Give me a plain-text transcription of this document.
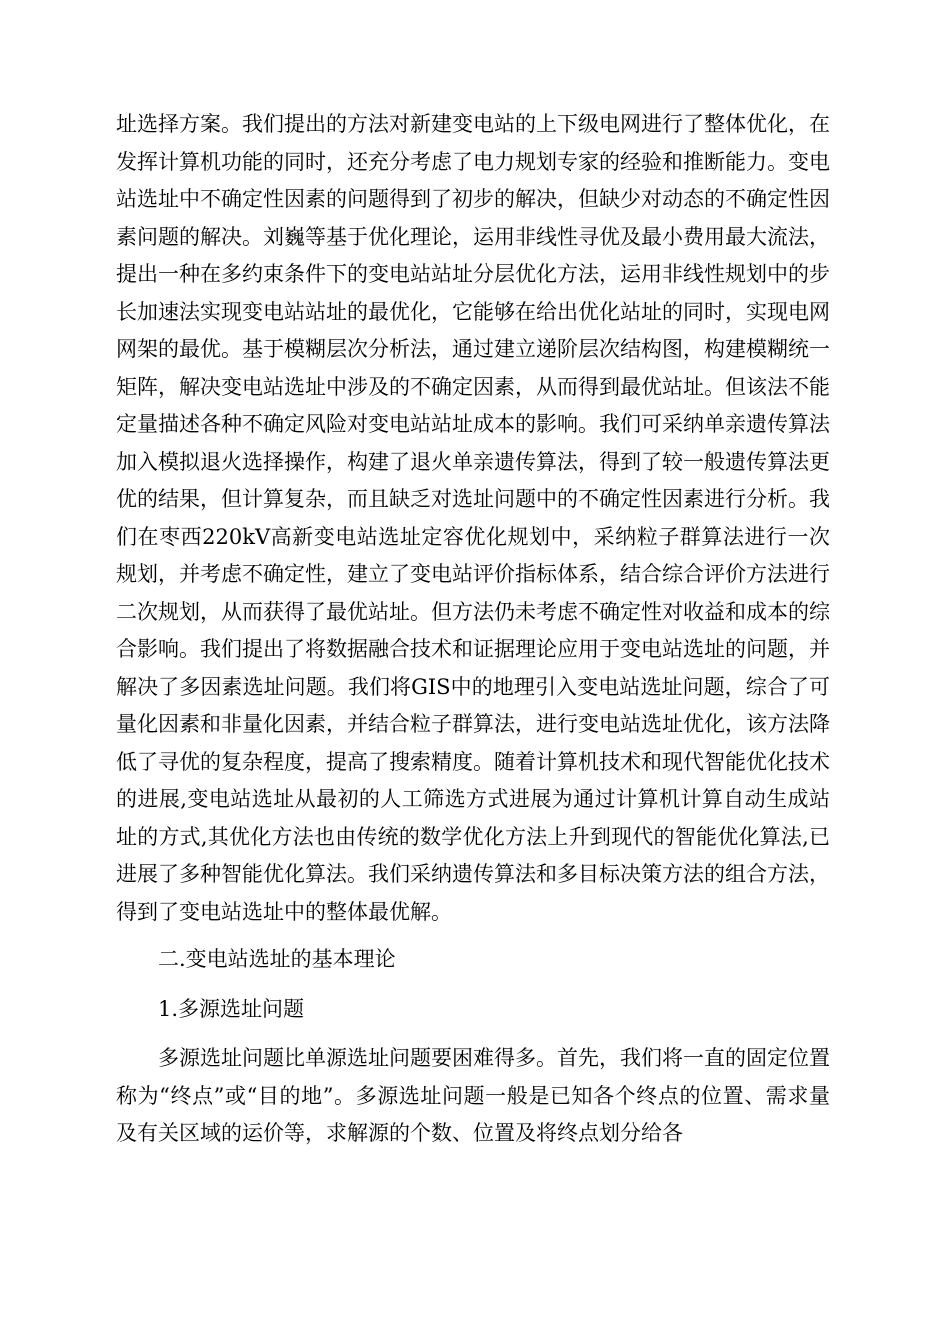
址选择方案。我们提出的方法对新建变电站的上下级电网进行了整体优化，在发挥计算机功能的同时，还充分考虑了电力规划专家的经验和推断能力。变电站选址中不确定性因素的问题得到了初步的解决，但缺少对动态的不确定性因素问题的解决。刘巍等基于优化理论，运用非线性寻优及最小费用最大流法，提出一种在多约束条件下的变电站站址分层优化方法，运用非线性规划中的步长加速法实现变电站站址的最优化，它能够在给出优化站址的同时，实现电网网架的最优。基于模糊层次分析法，通过建立递阶层次结构图，构建模糊统一矩阵，解决变电站选址中涉及的不确定因素，从而得到最优站址。但该法不能定量描述各种不确定风险对变电站站址成本的影响。我们可采纳单亲遗传算法加入模拟退火选择操作，构建了退火单亲遗传算法，得到了较一般遗传算法更优的结果，但计算复杂，而且缺乏对选址问题中的不确定性因素进行分析。我们在枣西220kV高新变电站选址定容优化规划中，采纳粒子群算法进行一次规划，并考虑不确定性，建立了变电站评价指标体系，结合综合评价方法进行二次规划，从而获得了最优站址。但方法仍未考虑不确定性对收益和成本的综合影响。我们提出了将数据融合技术和证据理论应用于变电站选址的问题，并解决了多因素选址问题。我们将GIS中的地理引入变电站选址问题，综合了可量化因素和非量化因素，并结合粒子群算法，进行变电站选址优化，该方法降低了寻优的复杂程度，提高了搜索精度。随着计算机技术和现代智能优化技术的进展,变电站选址从最初的人工筛选方式进展为通过计算机计算自动生成站址的方式,其优化方法也由传统的数学优化方法上升到现代的智能优化算法,已进展了多种智能优化算法。我们采纳遗传算法和多目标决策方法的组合方法，得到了变电站选址中的整体最优解。

二.变电站选址的基本理论

1.多源选址问题

多源选址问题比单源选址问题要困难得多。首先，我们将一直的固定位置称为“终点”或“目的地”。多源选址问题一般是已知各个终点的位置、需求量及有关区域的运价等，求解源的个数、位置及将终点划分给各
